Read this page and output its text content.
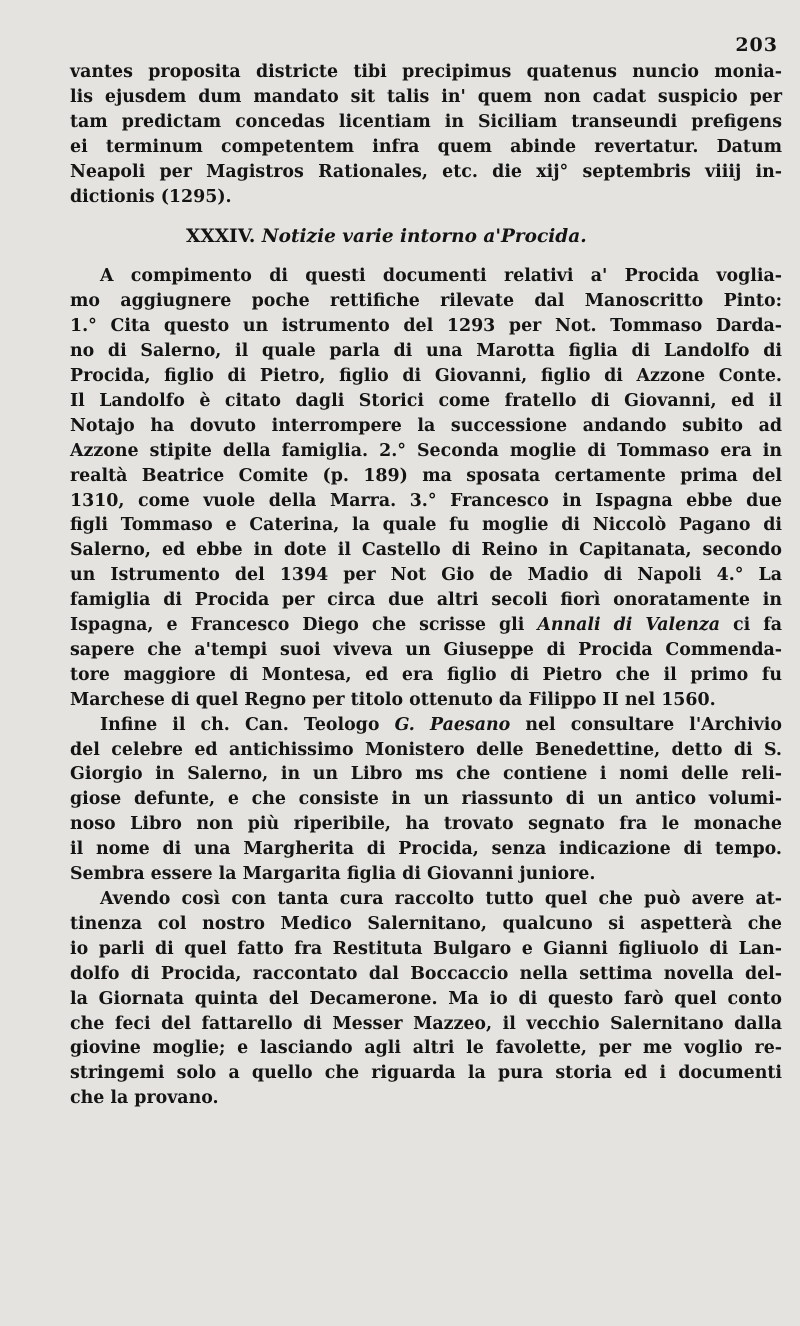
203

vantes proposita districte tibi precipimus quatenus nuncio monia-
lis ejusdem dum mandato sit talis in' quem non cadat suspicio per
tam predictam concedas licentiam in Siciliam transeundi prefigens
ei terminum competentem infra quem abinde revertatur. Datum
Neapoli per Magistros Rationales, etc. die xij° septembris viiij in-
dictionis (1295).

XXXIV. Notizie varie intorno a'Procida.

A compimento di questi documenti relativi a' Procida voglia-
mo aggiugnere poche rettifiche rilevate dal Manoscritto Pinto:
1.° Cita questo un istrumento del 1293 per Not. Tommaso Darda-
no di Salerno, il quale parla di una Marotta figlia di Landolfo di
Procida, figlio di Pietro, figlio di Giovanni, figlio di Azzone Conte.
Il Landolfo è citato dagli Storici come fratello di Giovanni, ed il
Notajo ha dovuto interrompere la successione andando subito ad
Azzone stipite della famiglia. 2.° Seconda moglie di Tommaso era in
realtà Beatrice Comite (p. 189) ma sposata certamente prima del
1310, come vuole della Marra. 3.° Francesco in Ispagna ebbe due
figli Tommaso e Caterina, la quale fu moglie di Niccolò Pagano di
Salerno, ed ebbe in dote il Castello di Reino in Capitanata, secondo
un Istrumento del 1394 per Not Gio de Madio di Napoli 4.° La
famiglia di Procida per circa due altri secoli fiorì onoratamente in
Ispagna, e Francesco Diego che scrisse gli Annali di Valenza ci fa
sapere che a'tempi suoi viveva un Giuseppe di Procida Commenda-
tore maggiore di Montesa, ed era figlio di Pietro che il primo fu
Marchese di quel Regno per titolo ottenuto da Filippo II nel 1560.

Infine il ch. Can. Teologo G. Paesano nel consultare l'Archivio
del celebre ed antichissimo Monistero delle Benedettine, detto di S.
Giorgio in Salerno, in un Libro ms che contiene i nomi delle reli-
giose defunte, e che consiste in un riassunto di un antico volumi-
noso Libro non più riperibile, ha trovato segnato fra le monache
il nome di una Margherita di Procida, senza indicazione di tempo.
Sembra essere la Margarita figlia di Giovanni juniore.

Avendo così con tanta cura raccolto tutto quel che può avere at-
tinenza col nostro Medico Salernitano, qualcuno si aspetterà che
io parli di quel fatto fra Restituta Bulgaro e Gianni figliuolo di Lan-
dolfo di Procida, raccontato dal Boccaccio nella settima novella del-
la Giornata quinta del Decamerone. Ma io di questo farò quel conto
che feci del fattarello di Messer Mazzeo, il vecchio Salernitano dalla
giovine moglie; e lasciando agli altri le favolette, per me voglio re-
stringemi solo a quello che riguarda la pura storia ed i documenti
che la provano.
